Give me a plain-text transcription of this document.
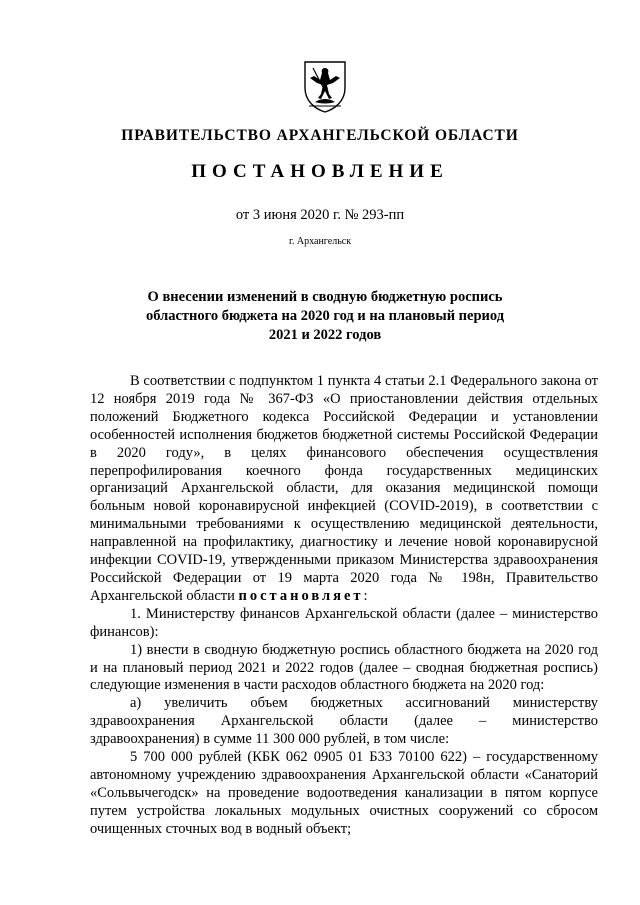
ПРАВИТЕЛЬСТВО АРХАНГЕЛЬСКОЙ ОБЛАСТИ
ПОСТАНОВЛЕНИЕ
от 3 июня 2020 г. № 293-пп
г. Архангельск
О внесении изменений в сводную бюджетную роспись
областного бюджета на 2020 год и на плановый период
2021 и 2022 годов

В соответствии с подпунктом 1 пункта 4 статьи 2.1 Федерального закона от 12 ноября 2019 года № 367-ФЗ «О приостановлении действия отдельных положений Бюджетного кодекса Российской Федерации и установлении особенностей исполнения бюджетов бюджетной системы Российской Федерации в 2020 году», в целях финансового обеспечения осуществления перепрофилирования коечного фонда государственных медицинских организаций Архангельской области, для оказания медицинской помощи больным новой коронавирусной инфекцией (COVID-2019), в соответствии с минимальными требованиями к осуществлению медицинской деятельности, направленной на профилактику, диагностику и лечение новой коронавирусной инфекции COVID-19, утвержденными приказом Министерства здравоохранения Российской Федерации от 19 марта 2020 года № 198н, Правительство Архангельской области постановляет:

1. Министерству финансов Архангельской области (далее – министерство финансов):

1) внести в сводную бюджетную роспись областного бюджета на 2020 год и на плановый период 2021 и 2022 годов (далее – сводная бюджетная роспись) следующие изменения в части расходов областного бюджета на 2020 год:

а) увеличить объем бюджетных ассигнований министерству здравоохранения Архангельской области (далее – министерство здравоохранения) в сумме 11 300 000 рублей, в том числе:

5 700 000 рублей (КБК 062 0905 01 Б33 70100 622) – государственному автономному учреждению здравоохранения Архангельской области «Санаторий «Сольвычегодск» на проведение водоотведения канализации в пятом корпусе путем устройства локальных модульных очистных сооружений со сбросом очищенных сточных вод в водный объект;
